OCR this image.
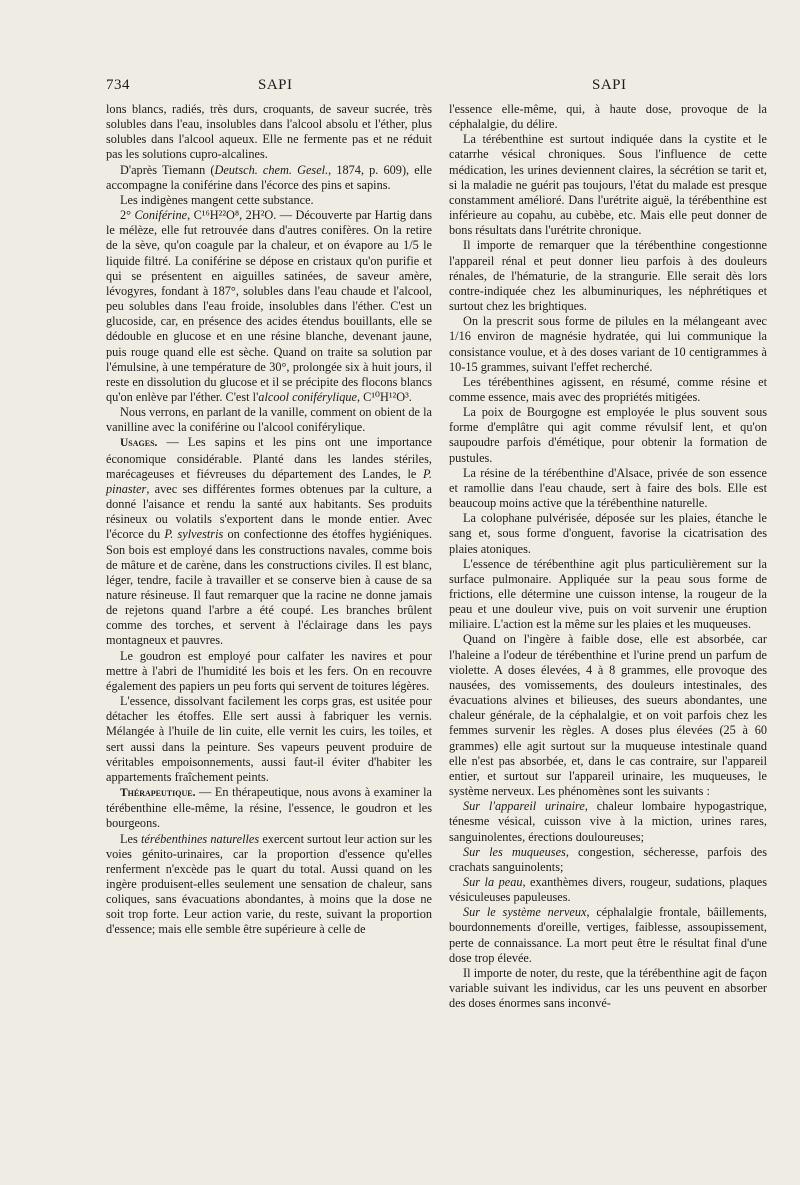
734	SAPI	SAPI

lons blancs, radiés, très durs, croquants, de saveur sucrée, très solubles dans l'eau, insolubles dans l'alcool absolu et l'éther, plus solubles dans l'alcool aqueux. Elle ne fermente pas et ne réduit pas les solutions cupro-alcalines.

D'après Tiemann (Deutsch. chem. Gesel., 1874, p. 609), elle accompagne la coniférine dans l'écorce des pins et sapins.

Les indigènes mangent cette substance.

2° Coniférine, C¹⁶H²²O⁸, 2H²O. — Découverte par Hartig dans le mélèze, elle fut retrouvée dans d'autres conifères. On la retire de la sève, qu'on coagule par la chaleur, et on évapore au 1/5 le liquide filtré. La coniférine se dépose en cristaux qu'on purifie et qui se présentent en aiguilles satinées, de saveur amère, lévogyres, fondant à 187°, solubles dans l'eau chaude et l'alcool, peu solubles dans l'eau froide, insolubles dans l'éther. C'est un glucoside, car, en présence des acides étendus bouillants, elle se dédouble en glucose et en une résine blanche, devenant jaune, puis rouge quand elle est sèche. Quand on traite sa solution par l'émulsine, à une température de 30°, prolongée six à huit jours, il reste en dissolution du glucose et il se précipite des flocons blancs qu'on enlève par l'éther. C'est l'alcool coniférylique, C¹⁰H¹²O³.

Nous verrons, en parlant de la vanille, comment on obient de la vanilline avec la coniférine ou l'alcool coniférylique.

Usages. — Les sapins et les pins ont une importance économique considérable. Planté dans les landes stériles, marécageuses et fiévreuses du département des Landes, le P. pinaster, avec ses différentes formes obtenues par la culture, a donné l'aisance et rendu la santé aux habitants. Ses produits résineux ou volatils s'exportent dans le monde entier. Avec l'écorce du P. sylvestris on confectionne des étoffes hygiéniques. Son bois est employé dans les constructions navales, comme bois de mâture et de carène, dans les constructions civiles. Il est blanc, léger, tendre, facile à travailler et se conserve bien à cause de sa nature résineuse. Il faut remarquer que la racine ne donne jamais de rejetons quand l'arbre a été coupé. Les branches brûlent comme des torches, et servent à l'éclairage dans les pays montagneux et pauvres.

Le goudron est employé pour calfater les navires et pour mettre à l'abri de l'humidité les bois et les fers. On en recouvre également des papiers un peu forts qui servent de toitures légères.

L'essence, dissolvant facilement les corps gras, est usitée pour détacher les étoffes. Elle sert aussi à fabriquer les vernis. Mélangée à l'huile de lin cuite, elle vernit les cuirs, les toiles, et sert aussi dans la peinture. Ses vapeurs peuvent produire de véritables empoisonnements, aussi faut-il éviter d'habiter les appartements fraîchement peints.

Thérapeutique. — En thérapeutique, nous avons à examiner la térébenthine elle-même, la résine, l'essence, le goudron et les bourgeons.

Les térébenthines naturelles exercent surtout leur action sur les voies génito-urinaires, car la proportion d'essence qu'elles renferment n'excède pas le quart du total. Aussi quand on les ingère produisent-elles seulement une sensation de chaleur, sans coliques, sans évacuations abondantes, à moins que la dose ne soit trop forte. Leur action varie, du reste, suivant la proportion d'essence; mais elle semble être supérieure à celle de

l'essence elle-même, qui, à haute dose, provoque de la céphalalgie, du délire.

La térébenthine est surtout indiquée dans la cystite et le catarrhe vésical chroniques. Sous l'influence de cette médication, les urines deviennent claires, la sécrétion se tarit et, si la maladie ne guérit pas toujours, l'état du malade est presque constamment amélioré. Dans l'urétrite aiguë, la térébenthine est inférieure au copahu, au cubèbe, etc. Mais elle peut donner de bons résultats dans l'urétrite chronique.

Il importe de remarquer que la térébenthine congestionne l'appareil rénal et peut donner lieu parfois à des douleurs rénales, de l'hématurie, de la strangurie. Elle serait dès lors contre-indiquée chez les albuminuriques, les néphrétiques et surtout chez les brightiques.

On la prescrit sous forme de pilules en la mélangeant avec 1/16 environ de magnésie hydratée, qui lui communique la consistance voulue, et à des doses variant de 10 centigrammes à 10-15 grammes, suivant l'effet recherché.

Les térébenthines agissent, en résumé, comme résine et comme essence, mais avec des propriétés mitigées.

La poix de Bourgogne est employée le plus souvent sous forme d'emplâtre qui agit comme révulsif lent, et qu'on saupoudre parfois d'émétique, pour obtenir la formation de pustules.

La résine de la térébenthine d'Alsace, privée de son essence et ramollie dans l'eau chaude, sert à faire des bols. Elle est beaucoup moins active que la térébenthine naturelle.

La colophane pulvérisée, déposée sur les plaies, étanche le sang et, sous forme d'onguent, favorise la cicatrisation des plaies atoniques.

L'essence de térébenthine agit plus particulièrement sur la surface pulmonaire. Appliquée sur la peau sous forme de frictions, elle détermine une cuisson intense, la rougeur de la peau et une douleur vive, puis on voit survenir une éruption miliaire. L'action est la même sur les plaies et les muqueuses.

Quand on l'ingère à faible dose, elle est absorbée, car l'haleine a l'odeur de térébenthine et l'urine prend un parfum de violette. A doses élevées, 4 à 8 grammes, elle provoque des nausées, des vomissements, des douleurs intestinales, des évacuations alvines et bilieuses, des sueurs abondantes, une chaleur générale, de la céphalalgie, et on voit parfois chez les femmes survenir les règles. A doses plus élevées (25 à 60 grammes) elle agit surtout sur la muqueuse intestinale quand elle n'est pas absorbée, et, dans le cas contraire, sur l'appareil entier, et surtout sur l'appareil urinaire, les muqueuses, le système nerveux. Les phénomènes sont les suivants :

Sur l'appareil urinaire, chaleur lombaire hypogastrique, ténesme vésical, cuisson vive à la miction, urines rares, sanguinolentes, érections douloureuses;

Sur les muqueuses, congestion, sécheresse, parfois des crachats sanguinolents;

Sur la peau, exanthèmes divers, rougeur, sudations, plaques vésiculeuses papuleuses.

Sur le système nerveux, céphalalgie frontale, bâillements, bourdonnements d'oreille, vertiges, faiblesse, assoupissement, perte de connaissance. La mort peut être le résultat final d'une dose trop élevée.

Il importe de noter, du reste, que la térébenthine agit de façon variable suivant les individus, car les uns peuvent en absorber des doses énormes sans inconvé-
